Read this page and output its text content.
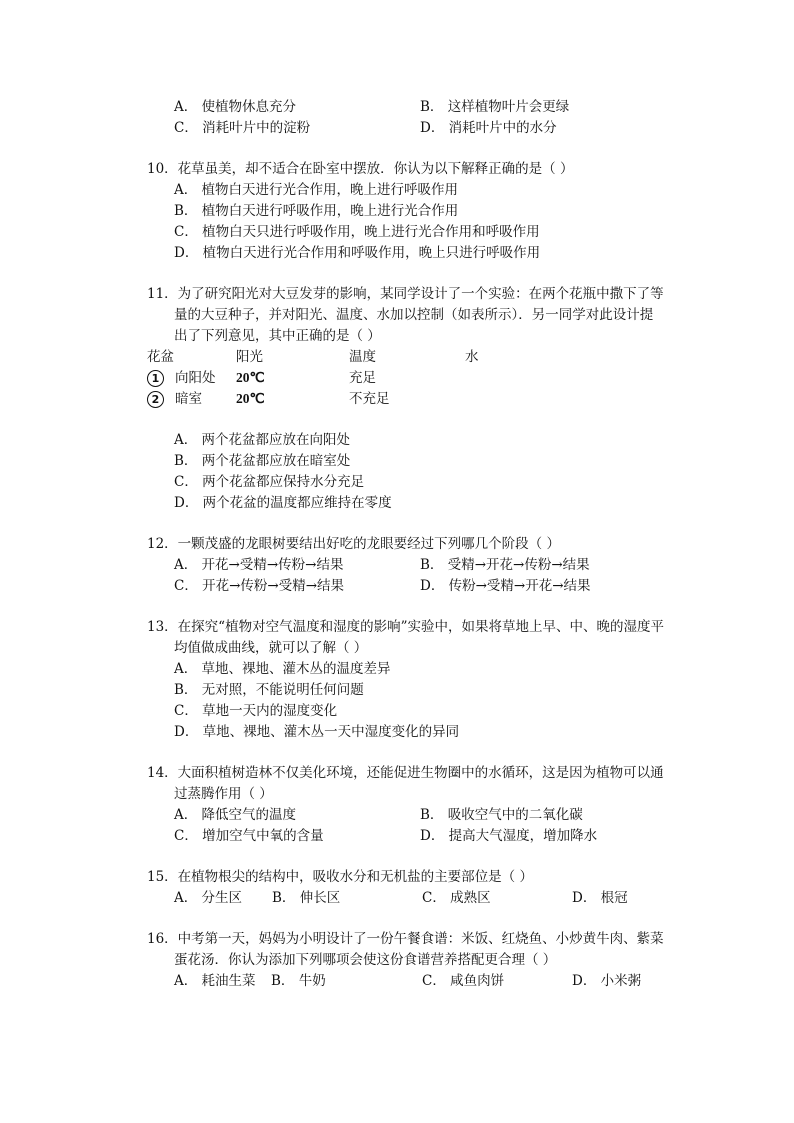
A． 使植物休息充分	B． 这样植物叶片会更绿
C． 消耗叶片中的淀粉	D． 消耗叶片中的水分
10．花草虽美，却不适合在卧室中摆放．你认为以下解释正确的是（ ）
A． 植物白天进行光合作用，晚上进行呼吸作用
B． 植物白天进行呼吸作用，晚上进行光合作用
C． 植物白天只进行呼吸作用，晚上进行光合作用和呼吸作用
D． 植物白天进行光合作用和呼吸作用，晚上只进行呼吸作用
11．为了研究阳光对大豆发芽的影响，某同学设计了一个实验：在两个花瓶中撒下了等
量的大豆种子，并对阳光、温度、水加以控制（如表所示）．另一同学对此设计提
出了下列意见，其中正确的是（ ）
花盆	阳光	温度	水
1	向阳处 20℃	充足
2	暗室	20℃	不充足
A． 两个花盆都应放在向阳处
B． 两个花盆都应放在暗室处
C． 两个花盆都应保持水分充足
D． 两个花盆的温度都应维持在零度
12．一颗茂盛的龙眼树要结出好吃的龙眼要经过下列哪几个阶段（ ）
A． 开花→受精→传粉→结果	B． 受精→开花→传粉→结果
C． 开花→传粉→受精→结果	D． 传粉→受精→开花→结果
13．在探究“植物对空气温度和湿度的影响”实验中，如果将草地上早、中、晚的湿度平
均值做成曲线，就可以了解（ ）
A． 草地、裸地、灌木丛的温度差异
B． 无对照，不能说明任何问题
C． 草地一天内的湿度变化
D． 草地、裸地、灌木丛一天中湿度变化的异同
14．大面积植树造林不仅美化环境，还能促进生物圈中的水循环，这是因为植物可以通
过蒸腾作用（ ）
A． 降低空气的温度	B． 吸收空气中的二氧化碳
C． 增加空气中氧的含量	D． 提高大气湿度，增加降水
15．在植物根尖的结构中，吸收水分和无机盐的主要部位是（ ）
A． 分生区 B． 伸长区	C． 成熟区	D． 根冠
16．中考第一天，妈妈为小明设计了一份午餐食谱：米饭、红烧鱼、小炒黄牛肉、紫菜
蛋花汤．你认为添加下列哪项会使这份食谱营养搭配更合理（ ）
A． 耗油生菜 B． 牛奶	C． 咸鱼肉饼	D． 小米粥
